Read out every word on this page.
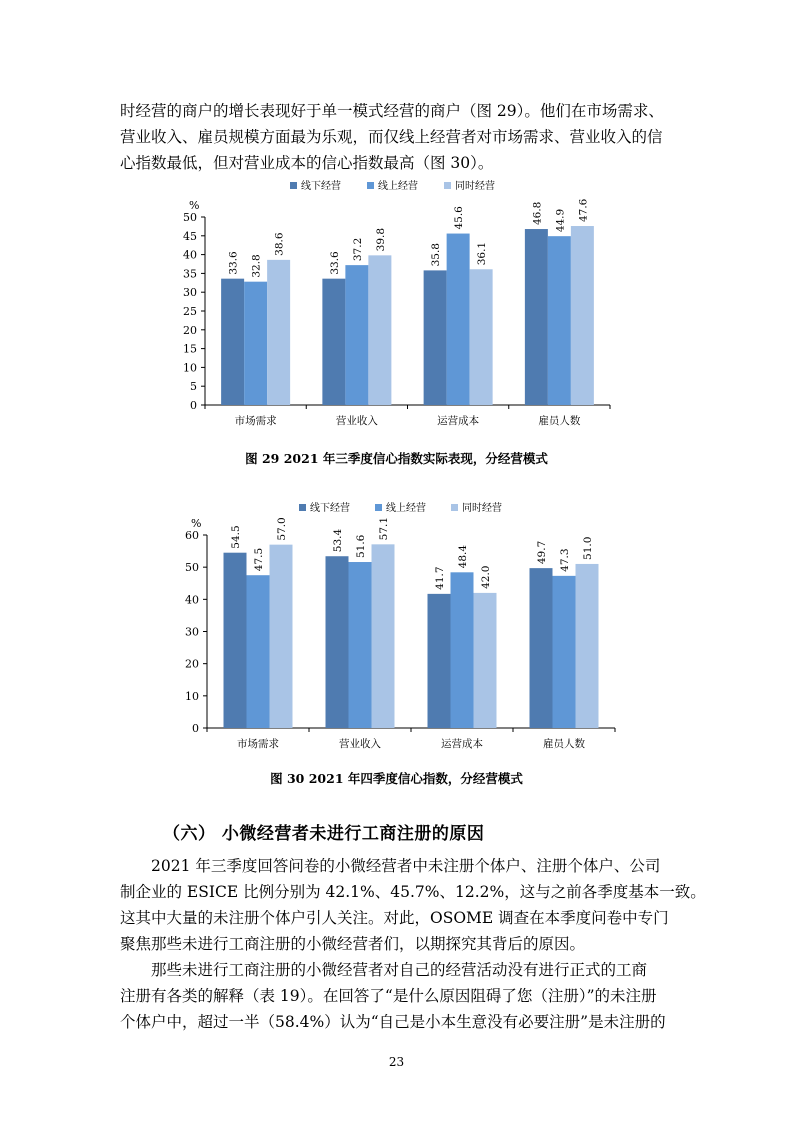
时经营的商户的增长表现好于单一模式经营的商户（图 29）。他们在市场需求、
营业收入、雇员规模方面最为乐观，而仅线上经营者对市场需求、营业收入的信
心指数最低，但对营业成本的信心指数最高（图 30）。
线下经营	线上经营	同时经营
%
0
5
10
15
20
25
30
35
40
45
50
33.6 32.8
38.6
市场需求
33.6
37.2 39.8
营业收入
35.8
45.6
36.1
运营成本
46.8 44.9 47.6
雇员人数
图 29 2021 年三季度信心指数实际表现，分经营模式
线下经营	线上经营	同时经营
%
0
10
20
30
40
50
60	54.5
47.5
57.0
市场需求
53.4 51.6
57.1
营业收入
41.7
48.4
42.0
运营成本
49.7 47.3
51.0
雇员人数
图 30 2021 年四季度信心指数，分经营模式
（六） 小微经营者未进行工商注册的原因
2021 年三季度回答问卷的小微经营者中未注册个体户、注册个体户、公司
制企业的 ESICE 比例分别为 42.1%、45.7%、12.2%，这与之前各季度基本一致。
这其中大量的未注册个体户引人关注。对此，OSOME 调查在本季度问卷中专门
聚焦那些未进行工商注册的小微经营者们，以期探究其背后的原因。
那些未进行工商注册的小微经营者对自己的经营活动没有进行正式的工商
注册有各类的解释（表 19）。在回答了“是什么原因阻碍了您（注册）”的未注册
个体户中，超过一半（58.4%）认为“自己是小本生意没有必要注册”是未注册的
23
